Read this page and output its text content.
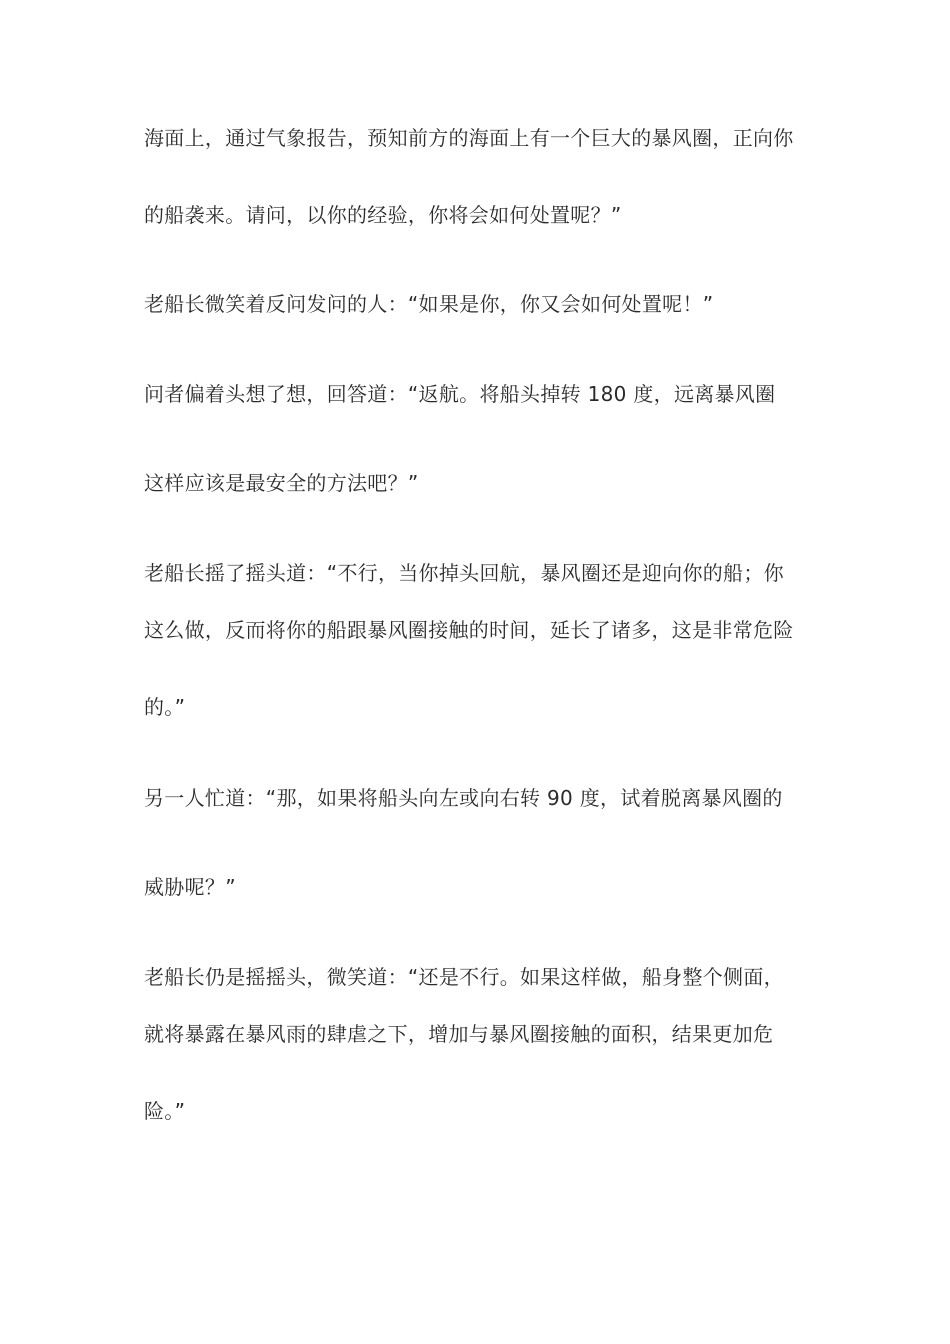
海面上，通过气象报告，预知前方的海面上有一个巨大的暴风圈，正向你
的船袭来。请问，以你的经验，你将会如何处置呢？”
老船长微笑着反问发问的人：“如果是你，你又会如何处置呢！”
问者偏着头想了想，回答道：“返航。将船头掉转 180 度，远离暴风圈
这样应该是最安全的方法吧？”
老船长摇了摇头道：“不行，当你掉头回航，暴风圈还是迎向你的船；你
这么做，反而将你的船跟暴风圈接触的时间，延长了诸多，这是非常危险
的。”
另一人忙道：“那，如果将船头向左或向右转 90 度，试着脱离暴风圈的
威胁呢？”
老船长仍是摇摇头，微笑道：“还是不行。如果这样做，船身整个侧面，
就将暴露在暴风雨的肆虐之下，增加与暴风圈接触的面积，结果更加危
险。”
